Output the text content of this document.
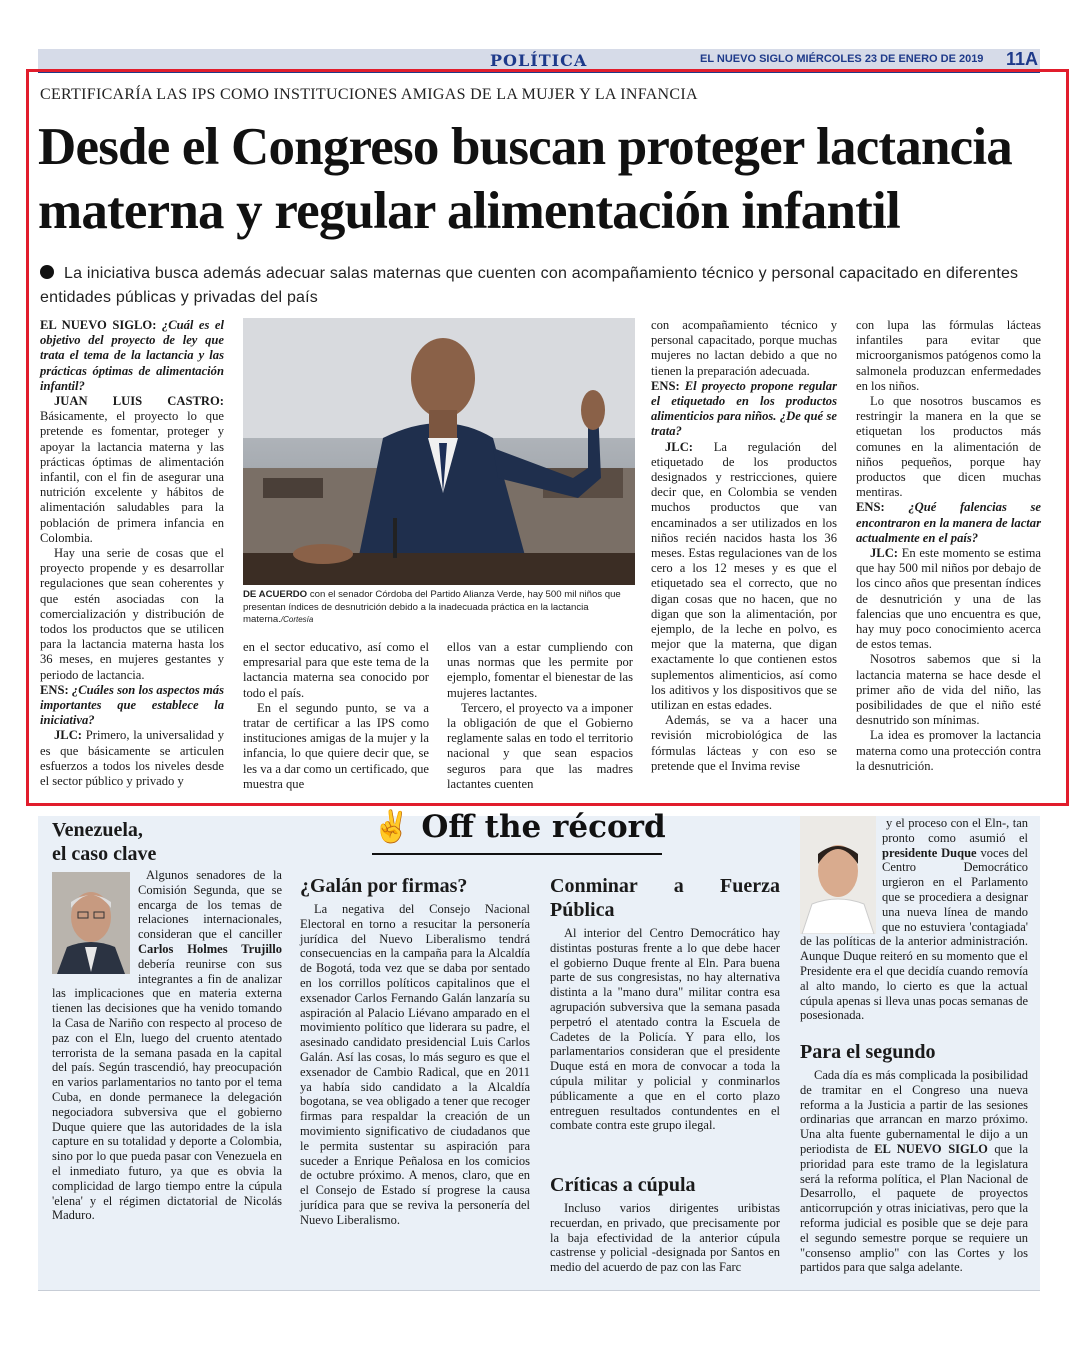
POLÍTICA	EL NUEVO SIGLO MIÉRCOLES 23 DE ENERO DE 2019 11A
CERTIFICARÍA LAS IPS COMO INSTITUCIONES AMIGAS DE LA MUJER Y LA INFANCIA
Desde el Congreso buscan proteger lactancia materna y regular alimentación infantil
La iniciativa busca además adecuar salas maternas que cuenten con acompañamiento técnico y personal capacitado en diferentes entidades públicas y privadas del país

EL NUEVO SIGLO: ¿Cuál es el objetivo del proyecto de ley que trata el tema de la lactancia y las prácticas óptimas de alimentación infantil?

JUAN LUIS CASTRO: Básicamente, el proyecto lo que pretende es fomentar, proteger y apoyar la lactancia materna y las prácticas óptimas de alimentación infantil, con el fin de asegurar una nutrición excelente y hábitos de alimentación saludables para la población de primera infancia en Colombia.

Hay una serie de cosas que el proyecto propende y es desarrollar regulaciones que sean coherentes y que estén asociadas con la comercialización y distribución de todos los productos que se utilicen para la lactancia materna hasta los 36 meses, en mujeres gestantes y periodo de lactancia.

ENS: ¿Cuáles son los aspectos más importantes que establece la iniciativa?

JLC: Primero, la universalidad y es que básicamente se articulen esfuerzos a todos los niveles desde el sector público y privado y

DE ACUERDO con el senador Córdoba del Partido Alianza Verde, hay 500 mil niños que presentan índices de desnutrición debido a la inadecuada práctica en la lactancia materna./Cortesía

en el sector educativo, así como el empresarial para que este tema de la lactancia materna sea conocido por todo el país.

En el segundo punto, se va a tratar de certificar a las IPS como instituciones amigas de la mujer y la infancia, lo que quiere decir que, se les va a dar como un certificado, que muestra que

ellos van a estar cumpliendo con unas normas que les permite por ejemplo, fomentar el bienestar de las mujeres lactantes.

Tercero, el proyecto va a imponer la obligación de que el Gobierno reglamente salas en todo el territorio nacional y que sean espacios seguros para que las madres lactantes cuenten

con acompañamiento técnico y personal capacitado, porque muchas mujeres no lactan debido a que no tienen la preparación adecuada.

ENS: El proyecto propone regular el etiquetado en los productos alimenticios para niños. ¿De qué se trata?

JLC: La regulación del etiquetado de los productos designados y restricciones, quiere decir que, en Colombia se venden muchos productos que van encaminados a ser utilizados en los niños recién nacidos hasta los 36 meses. Estas regulaciones van de los cero a los 12 meses y es que el etiquetado sea el correcto, que no digan cosas que no hacen, que no digan que son la alimentación, por ejemplo, de la leche en polvo, es mejor que la materna, que digan exactamente lo que contienen estos suplementos alimenticios, así como los aditivos y los dispositivos que se utilizan en estas edades.

Además, se va a hacer una revisión microbiológica de las fórmulas lácteas y con eso se pretende que el Invima revise

con lupa las fórmulas lácteas infantiles para evitar que microorganismos patógenos como la salmonela produzcan enfermedades en los niños.

Lo que nosotros buscamos es restringir la manera en la que se etiquetan los productos más comunes en la alimentación de niños pequeños, porque hay productos que dicen muchas mentiras.

ENS: ¿Qué falencias se encontraron en la manera de lactar actualmente en el país?

JLC: En este momento se estima que hay 500 mil niños por debajo de los cinco años que presentan índices de desnutrición y una de las falencias que uno encuentra es que, hay muy poco conocimiento acerca de estos temas.

Nosotros sabemos que si la lactancia materna se hace desde el primer año de vida del niño, las posibilidades de que el niño esté desnutrido son mínimas.

La idea es promover la lactancia materna como una protección contra la desnutrición.

✌ Off the récord
Venezuela, el caso clave

Algunos senadores de la Comisión Segunda, que se encarga de los temas de relaciones internacionales, consideran que el canciller Carlos Holmes Trujillo debería reunirse con sus integrantes a fin de analizar las implicaciones que en materia externa tienen las decisiones que ha venido tomando la Casa de Nariño con respecto al proceso de paz con el Eln, luego del cruento atentado terrorista de la semana pasada en la capital del país. Según trascendió, hay preocupación en varios parlamentarios no tanto por el tema Cuba, en donde permanece la delegación negociadora subversiva que el gobierno Duque quiere que las autoridades de la isla capture en su totalidad y deporte a Colombia, sino por lo que pueda pasar con Venezuela en el inmediato futuro, ya que es obvia la complicidad de largo tiempo entre la cúpula 'elena' y el régimen dictatorial de Nicolás Maduro.

¿Galán por firmas?

La negativa del Consejo Nacional Electoral en torno a resucitar la personería jurídica del Nuevo Liberalismo tendrá consecuencias en la campaña para la Alcaldía de Bogotá, toda vez que se daba por sentado en los corrillos políticos capitalinos que el exsenador Carlos Fernando Galán lanzaría su aspiración al Palacio Liévano amparado en el movimiento político que liderara su padre, el asesinado candidato presidencial Luis Carlos Galán. Así las cosas, lo más seguro es que el exsenador de Cambio Radical, que en 2011 ya había sido candidato a la Alcaldía bogotana, se vea obligado a tener que recoger firmas para respaldar la creación de un movimiento significativo de ciudadanos que le permita sustentar su aspiración para suceder a Enrique Peñalosa en los comicios de octubre próximo. A menos, claro, que en el Consejo de Estado sí progrese la causa jurídica para que se reviva la personería del Nuevo Liberalismo.

Conminar a Fuerza Pública

Al interior del Centro Democrático hay distintas posturas frente a lo que debe hacer el gobierno Duque frente al Eln. Para buena parte de sus congresistas, no hay alternativa distinta a la "mano dura" militar contra esa agrupación subversiva que la semana pasada perpetró el atentado contra la Escuela de Cadetes de la Policía. Y para ello, los parlamentarios consideran que el presidente Duque está en mora de convocar a toda la cúpula militar y policial y conminarlos públicamente a que en el corto plazo entreguen resultados contundentes en el combate contra este grupo ilegal.

Críticas a cúpula

Incluso varios dirigentes uribistas recuerdan, en privado, que precisamente por la baja efectividad de la anterior cúpula castrense y policial -designada por Santos en medio del acuerdo de paz con las Farc

y el proceso con el Eln-, tan pronto como asumió el presidente Duque voces del Centro Democrático urgieron en el Parlamento que se procediera a designar una nueva línea de mando que no estuviera 'contagiada' de las políticas de la anterior administración. Aunque Duque reiteró en su momento que el Presidente era el que decidía cuando removía al alto mando, lo cierto es que la actual cúpula apenas si lleva unas pocas semanas de posesionada.

Para el segundo

Cada día es más complicada la posibilidad de tramitar en el Congreso una nueva reforma a la Justicia a partir de las sesiones ordinarias que arrancan en marzo próximo. Una alta fuente gubernamental le dijo a un periodista de EL NUEVO SIGLO que la prioridad para este tramo de la legislatura será la reforma política, el Plan Nacional de Desarrollo, el paquete de proyectos anticorrupción y otras iniciativas, pero que la reforma judicial es posible que se deje para el segundo semestre porque se requiere un "consenso amplio" con las Cortes y los partidos para que salga adelante.
